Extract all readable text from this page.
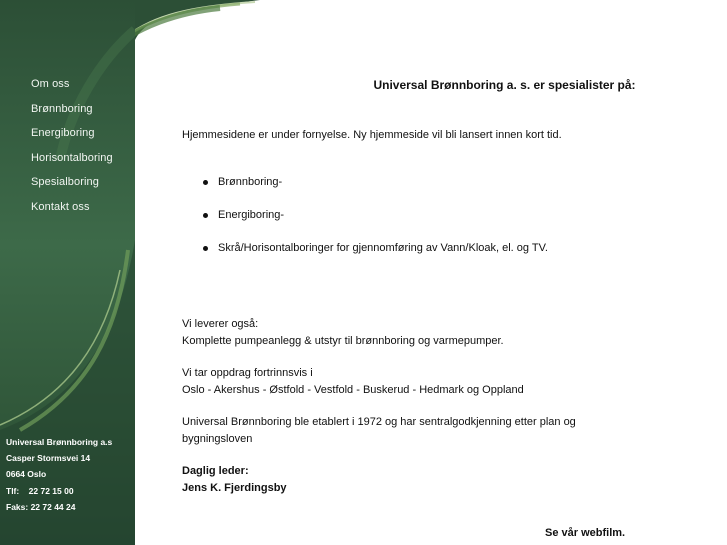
Om oss
Brønnboring
Energiboring
Horisontalboring
Spesialboring
Kontakt oss
Universal Brønnboring a.s
Casper Stormsvei 14
0664 Oslo
Tlf: 22 72 15 00
Faks: 22 72 44 24
Universal Brønnboring a. s. er spesialister på:
Hjemmesidene er under fornyelse. Ny hjemmeside vil bli lansert innen kort tid.
Brønnboring-
Energiboring-
Skrå/Horisontalboringer for gjennomføring av Vann/Kloak, el. og TV.
Vi leverer også:
Komplette pumpeanlegg & utstyr til brønnboring og varmepumper.
Vi tar oppdrag fortrinnsvis i
Oslo - Akershus - Østfold - Vestfold - Buskerud - Hedmark og Oppland
Universal Brønnboring ble etablert i 1972 og har sentralgodkjenning etter plan og bygningsloven
Daglig leder:
Jens K. Fjerdingsby
Se vår webfilm.
